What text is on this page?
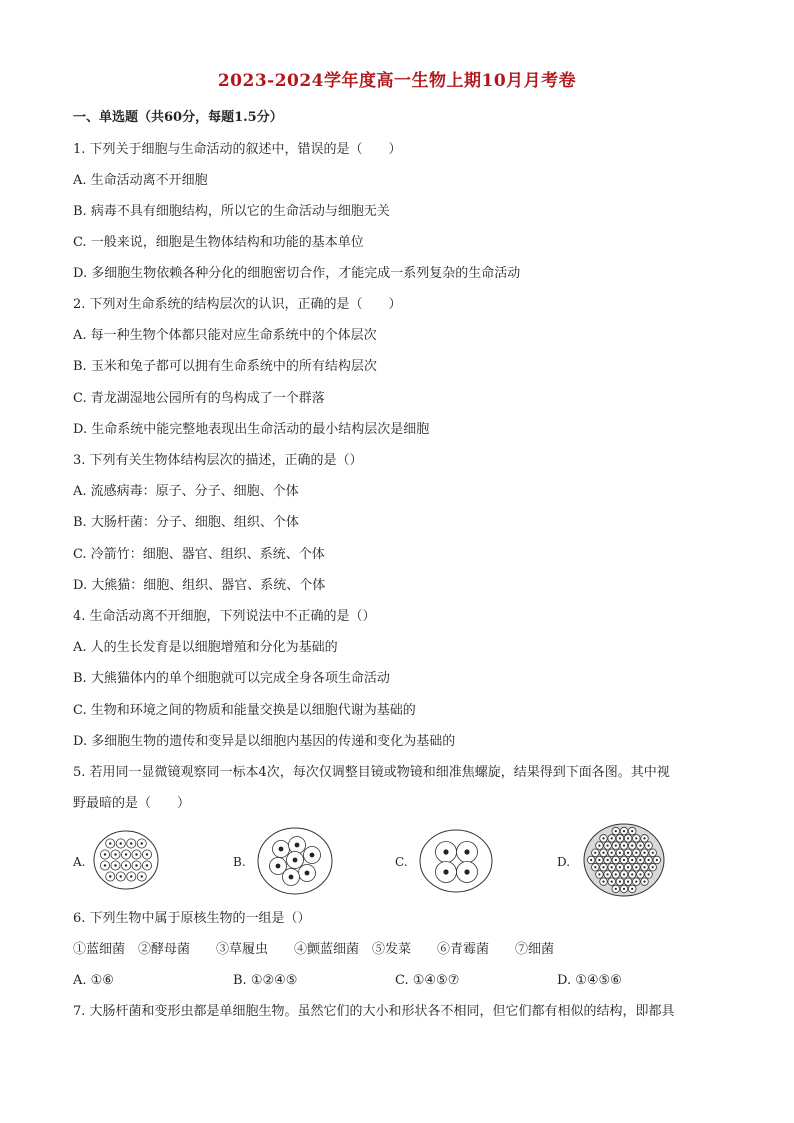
2023-2024学年度高一生物上期10月月考卷
一、单选题（共60分，每题1.5分）
1. 下列关于细胞与生命活动的叙述中，错误的是（　　）
A. 生命活动离不开细胞
B. 病毒不具有细胞结构，所以它的生命活动与细胞无关
C. 一般来说，细胞是生物体结构和功能的基本单位
D. 多细胞生物依赖各种分化的细胞密切合作，才能完成一系列复杂的生命活动
2. 下列对生命系统的结构层次的认识，正确的是（　　）
A. 每一种生物个体都只能对应生命系统中的个体层次
B. 玉米和兔子都可以拥有生命系统中的所有结构层次
C. 青龙湖湿地公园所有的鸟构成了一个群落
D. 生命系统中能完整地表现出生命活动的最小结构层次是细胞
3. 下列有关生物体结构层次的描述，正确的是（）
A. 流感病毒：原子、分子、细胞、个体
B. 大肠杆菌：分子、细胞、组织、个体
C. 冷箭竹：细胞、器官、组织、系统、个体
D. 大熊猫：细胞、组织、器官、系统、个体
4. 生命活动离不开细胞，下列说法中不正确的是（）
A. 人的生长发育是以细胞增殖和分化为基础的
B. 大熊猫体内的单个细胞就可以完成全身各项生命活动
C. 生物和环境之间的物质和能量交换是以细胞代谢为基础的
D. 多细胞生物的遗传和变异是以细胞内基因的传递和变化为基础的
5. 若用同一显微镜观察同一标本4次，每次仅调整目镜或物镜和细准焦螺旋，结果得到下面各图。其中视
野最暗的是（　　）
A.	B.	C.	D.
6. 下列生物中属于原核生物的一组是（）
①蓝细菌　②酵母菌　　③草履虫　　④颤蓝细菌　⑤发菜　　⑥青霉菌　　⑦细菌
A. ①⑥	B. ①②④⑤	C. ①④⑤⑦	D. ①④⑤⑥
7. 大肠杆菌和变形虫都是单细胞生物。虽然它们的大小和形状各不相同，但它们都有相似的结构，即都具
